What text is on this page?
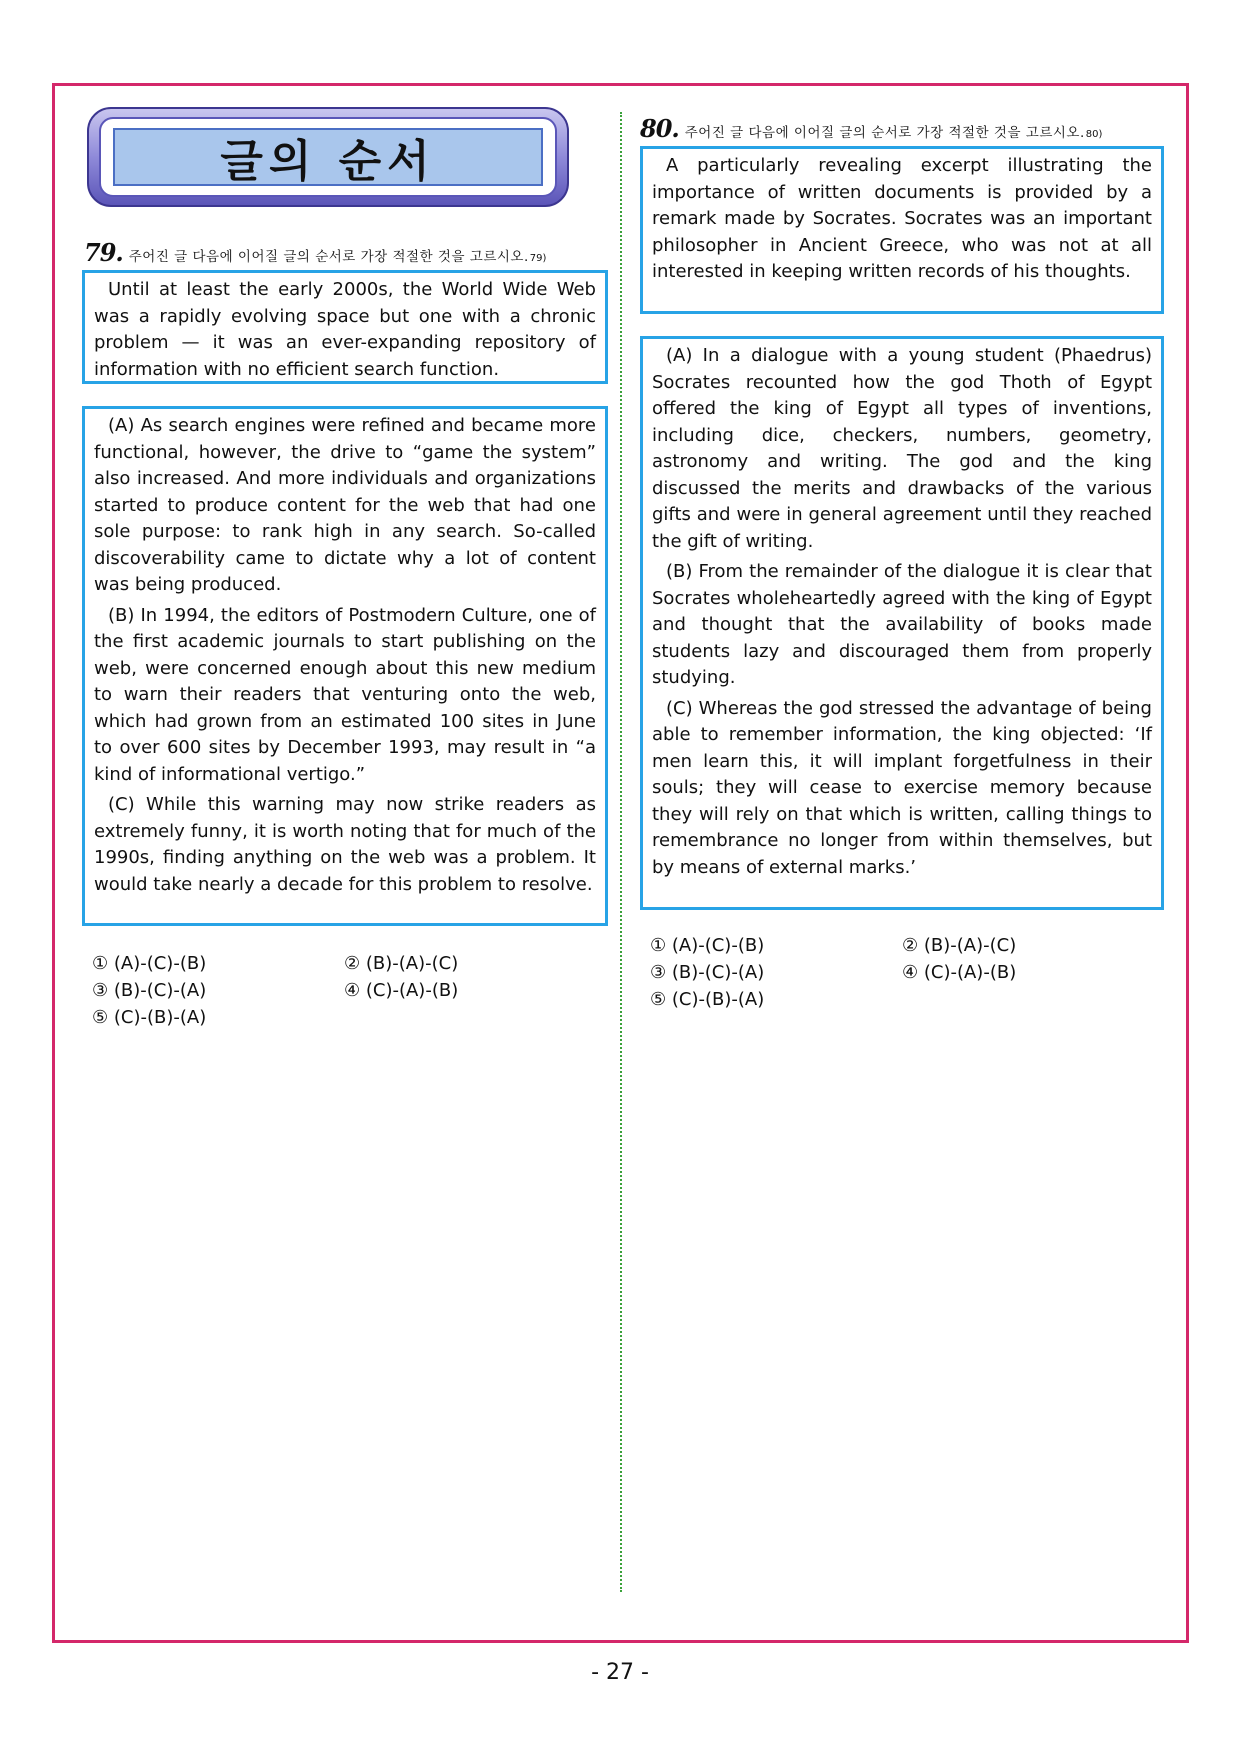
글의 순서
79. 주어진 글 다음에 이어질 글의 순서로 가장 적절한 것을 고르시오. 79)

Until at least the early 2000s, the World Wide Web was a rapidly evolving space but one with a chronic problem — it was an ever-expanding repository of information with no efficient search function.

(A) As search engines were refined and became more functional, however, the drive to “game the system” also increased. And more individuals and organizations started to produce content for the web that had one sole purpose: to rank high in any search. So-called discoverability came to dictate why a lot of content was being produced.

(B) In 1994, the editors of Postmodern Culture, one of the first academic journals to start publishing on the web, were concerned enough about this new medium to warn their readers that venturing onto the web, which had grown from an estimated 100 sites in June to over 600 sites by December 1993, may result in “a kind of informational vertigo.”

(C) While this warning may now strike readers as extremely funny, it is worth noting that for much of the 1990s, finding anything on the web was a problem. It would take nearly a decade for this problem to resolve.

① (A)-(C)-(B)	② (B)-(A)-(C)
③ (B)-(C)-(A)	④ (C)-(A)-(B)
⑤ (C)-(B)-(A)
80. 주어진 글 다음에 이어질 글의 순서로 가장 적절한 것을 고르시오. 80)

A particularly revealing excerpt illustrating the importance of written documents is provided by a remark made by Socrates. Socrates was an important philosopher in Ancient Greece, who was not at all interested in keeping written records of his thoughts.

(A) In a dialogue with a young student (Phaedrus) Socrates recounted how the god Thoth of Egypt offered the king of Egypt all types of inventions, including dice, checkers, numbers, geometry, astronomy and writing. The god and the king discussed the merits and drawbacks of the various gifts and were in general agreement until they reached the gift of writing.

(B) From the remainder of the dialogue it is clear that Socrates wholeheartedly agreed with the king of Egypt and thought that the availability of books made students lazy and discouraged them from properly studying.

(C) Whereas the god stressed the advantage of being able to remember information, the king objected: ‘If men learn this, it will implant forgetfulness in their souls; they will cease to exercise memory because they will rely on that which is written, calling things to remembrance no longer from within themselves, but by means of external marks.’

① (A)-(C)-(B)	② (B)-(A)-(C)
③ (B)-(C)-(A)	④ (C)-(A)-(B)
⑤ (C)-(B)-(A)
- 27 -
